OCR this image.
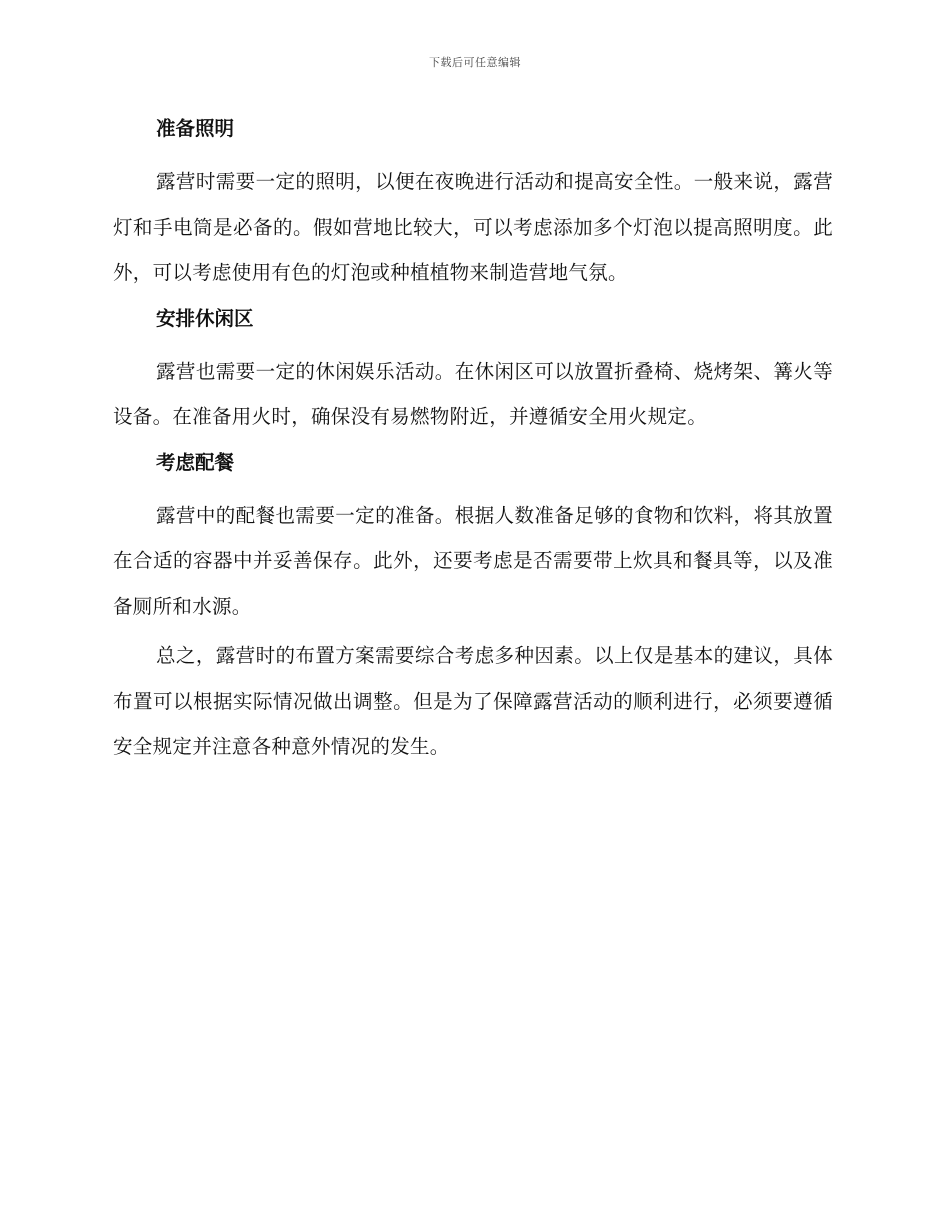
下载后可任意编辑

准备照明

露营时需要一定的照明，以便在夜晚进行活动和提高安全性。一般来说，露营灯和手电筒是必备的。假如营地比较大，可以考虑添加多个灯泡以提高照明度。此外，可以考虑使用有色的灯泡或种植植物来制造营地气氛。

安排休闲区

露营也需要一定的休闲娱乐活动。在休闲区可以放置折叠椅、烧烤架、篝火等设备。在准备用火时，确保没有易燃物附近，并遵循安全用火规定。

考虑配餐

露营中的配餐也需要一定的准备。根据人数准备足够的食物和饮料，将其放置在合适的容器中并妥善保存。此外，还要考虑是否需要带上炊具和餐具等，以及准备厕所和水源。

总之，露营时的布置方案需要综合考虑多种因素。以上仅是基本的建议，具体布置可以根据实际情况做出调整。但是为了保障露营活动的顺利进行，必须要遵循安全规定并注意各种意外情况的发生。
